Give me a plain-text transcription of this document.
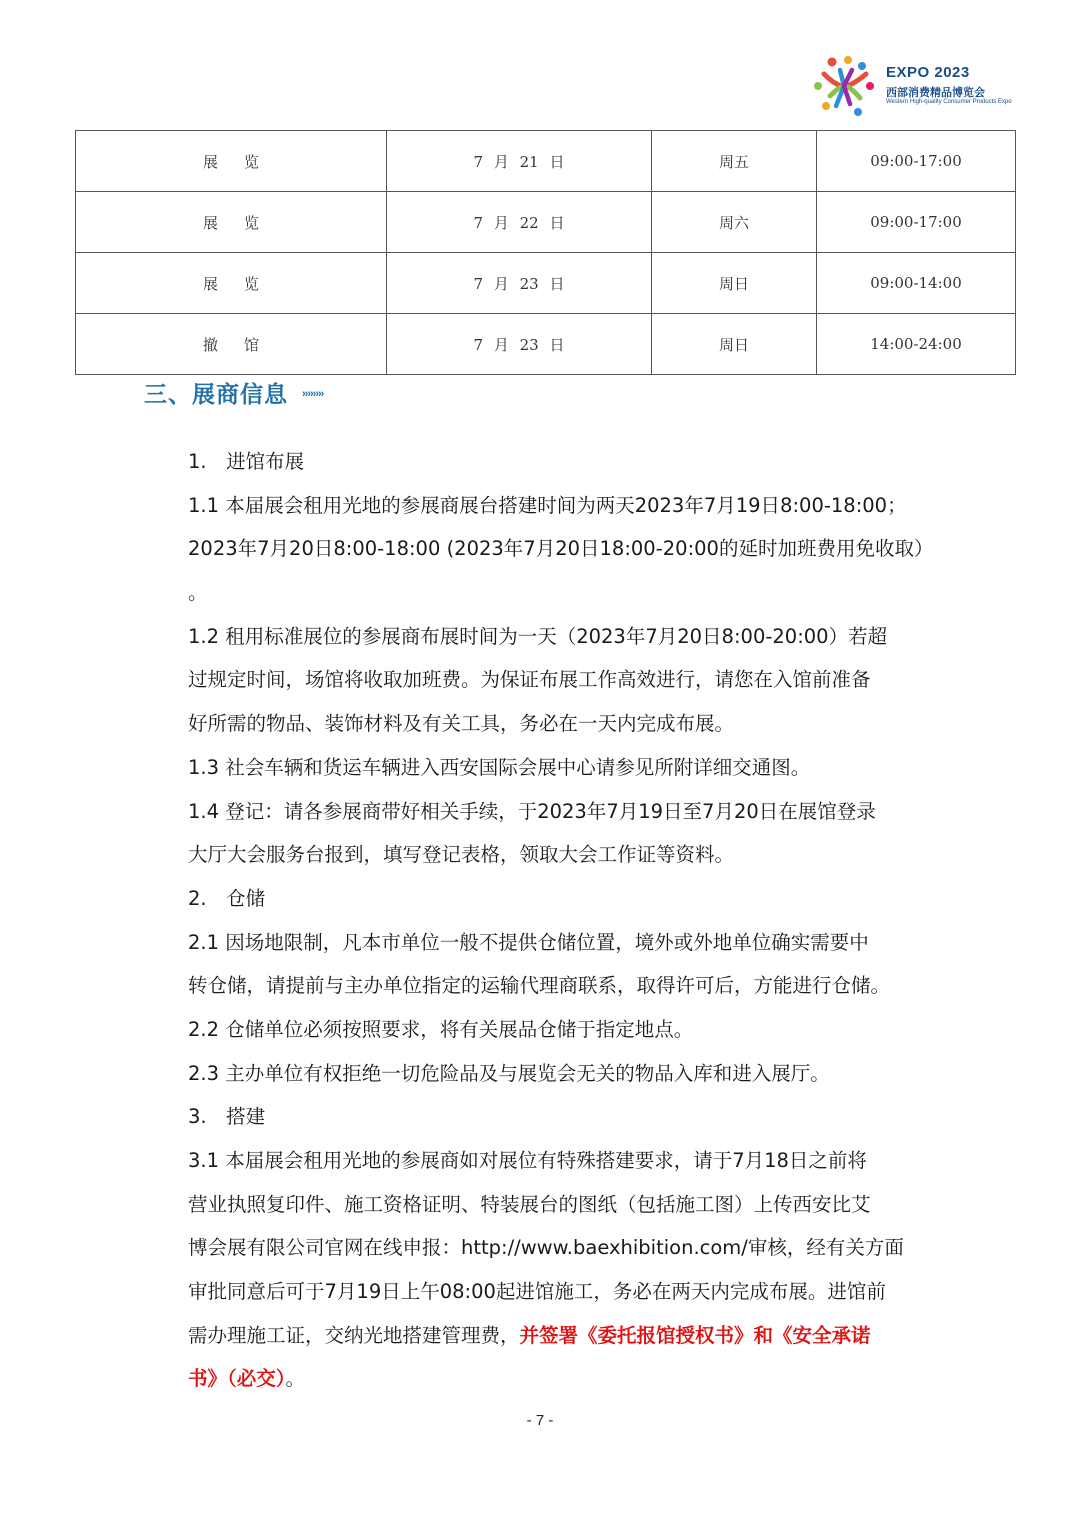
EXPO 2023
西部消费精品博览会
Western High-quality Consumer Products Expo
展览	7 月 21 日	周五	09:00-17:00
展览	7 月 22 日	周六	09:00-17:00
展览	7 月 23 日	周日	09:00-14:00
撤馆	7 月 23 日	周日	14:00-24:00
三、展商信息 ››››››››
1.　进馆布展
1.1 本届展会租用光地的参展商展台搭建时间为两天2023年7月19日8:00-18:00；
2023年7月20日8:00-18:00 (2023年7月20日18:00-20:00的延时加班费用免收取）
。
1.2 租用标准展位的参展商布展时间为一天（2023年7月20日8:00-20:00）若超
过规定时间，场馆将收取加班费。为保证布展工作高效进行，请您在入馆前准备
好所需的物品、装饰材料及有关工具，务必在一天内完成布展。
1.3 社会车辆和货运车辆进入西安国际会展中心请参见所附详细交通图。
1.4 登记：请各参展商带好相关手续，于2023年7月19日至7月20日在展馆登录
大厅大会服务台报到，填写登记表格，领取大会工作证等资料。
2.　仓储
2.1 因场地限制，凡本市单位一般不提供仓储位置，境外或外地单位确实需要中
转仓储，请提前与主办单位指定的运输代理商联系，取得许可后，方能进行仓储。
2.2 仓储单位必须按照要求，将有关展品仓储于指定地点。
2.3 主办单位有权拒绝一切危险品及与展览会无关的物品入库和进入展厅。
3.　搭建
3.1 本届展会租用光地的参展商如对展位有特殊搭建要求，请于7月18日之前将
营业执照复印件、施工资格证明、特装展台的图纸（包括施工图）上传西安比艾
博会展有限公司官网在线申报：http://www.baexhibition.com/审核，经有关方面
审批同意后可于7月19日上午08:00起进馆施工，务必在两天内完成布展。进馆前
需办理施工证，交纳光地搭建管理费，并签署《委托报馆授权书》和《安全承诺
书》（必交）。
- 7 -
